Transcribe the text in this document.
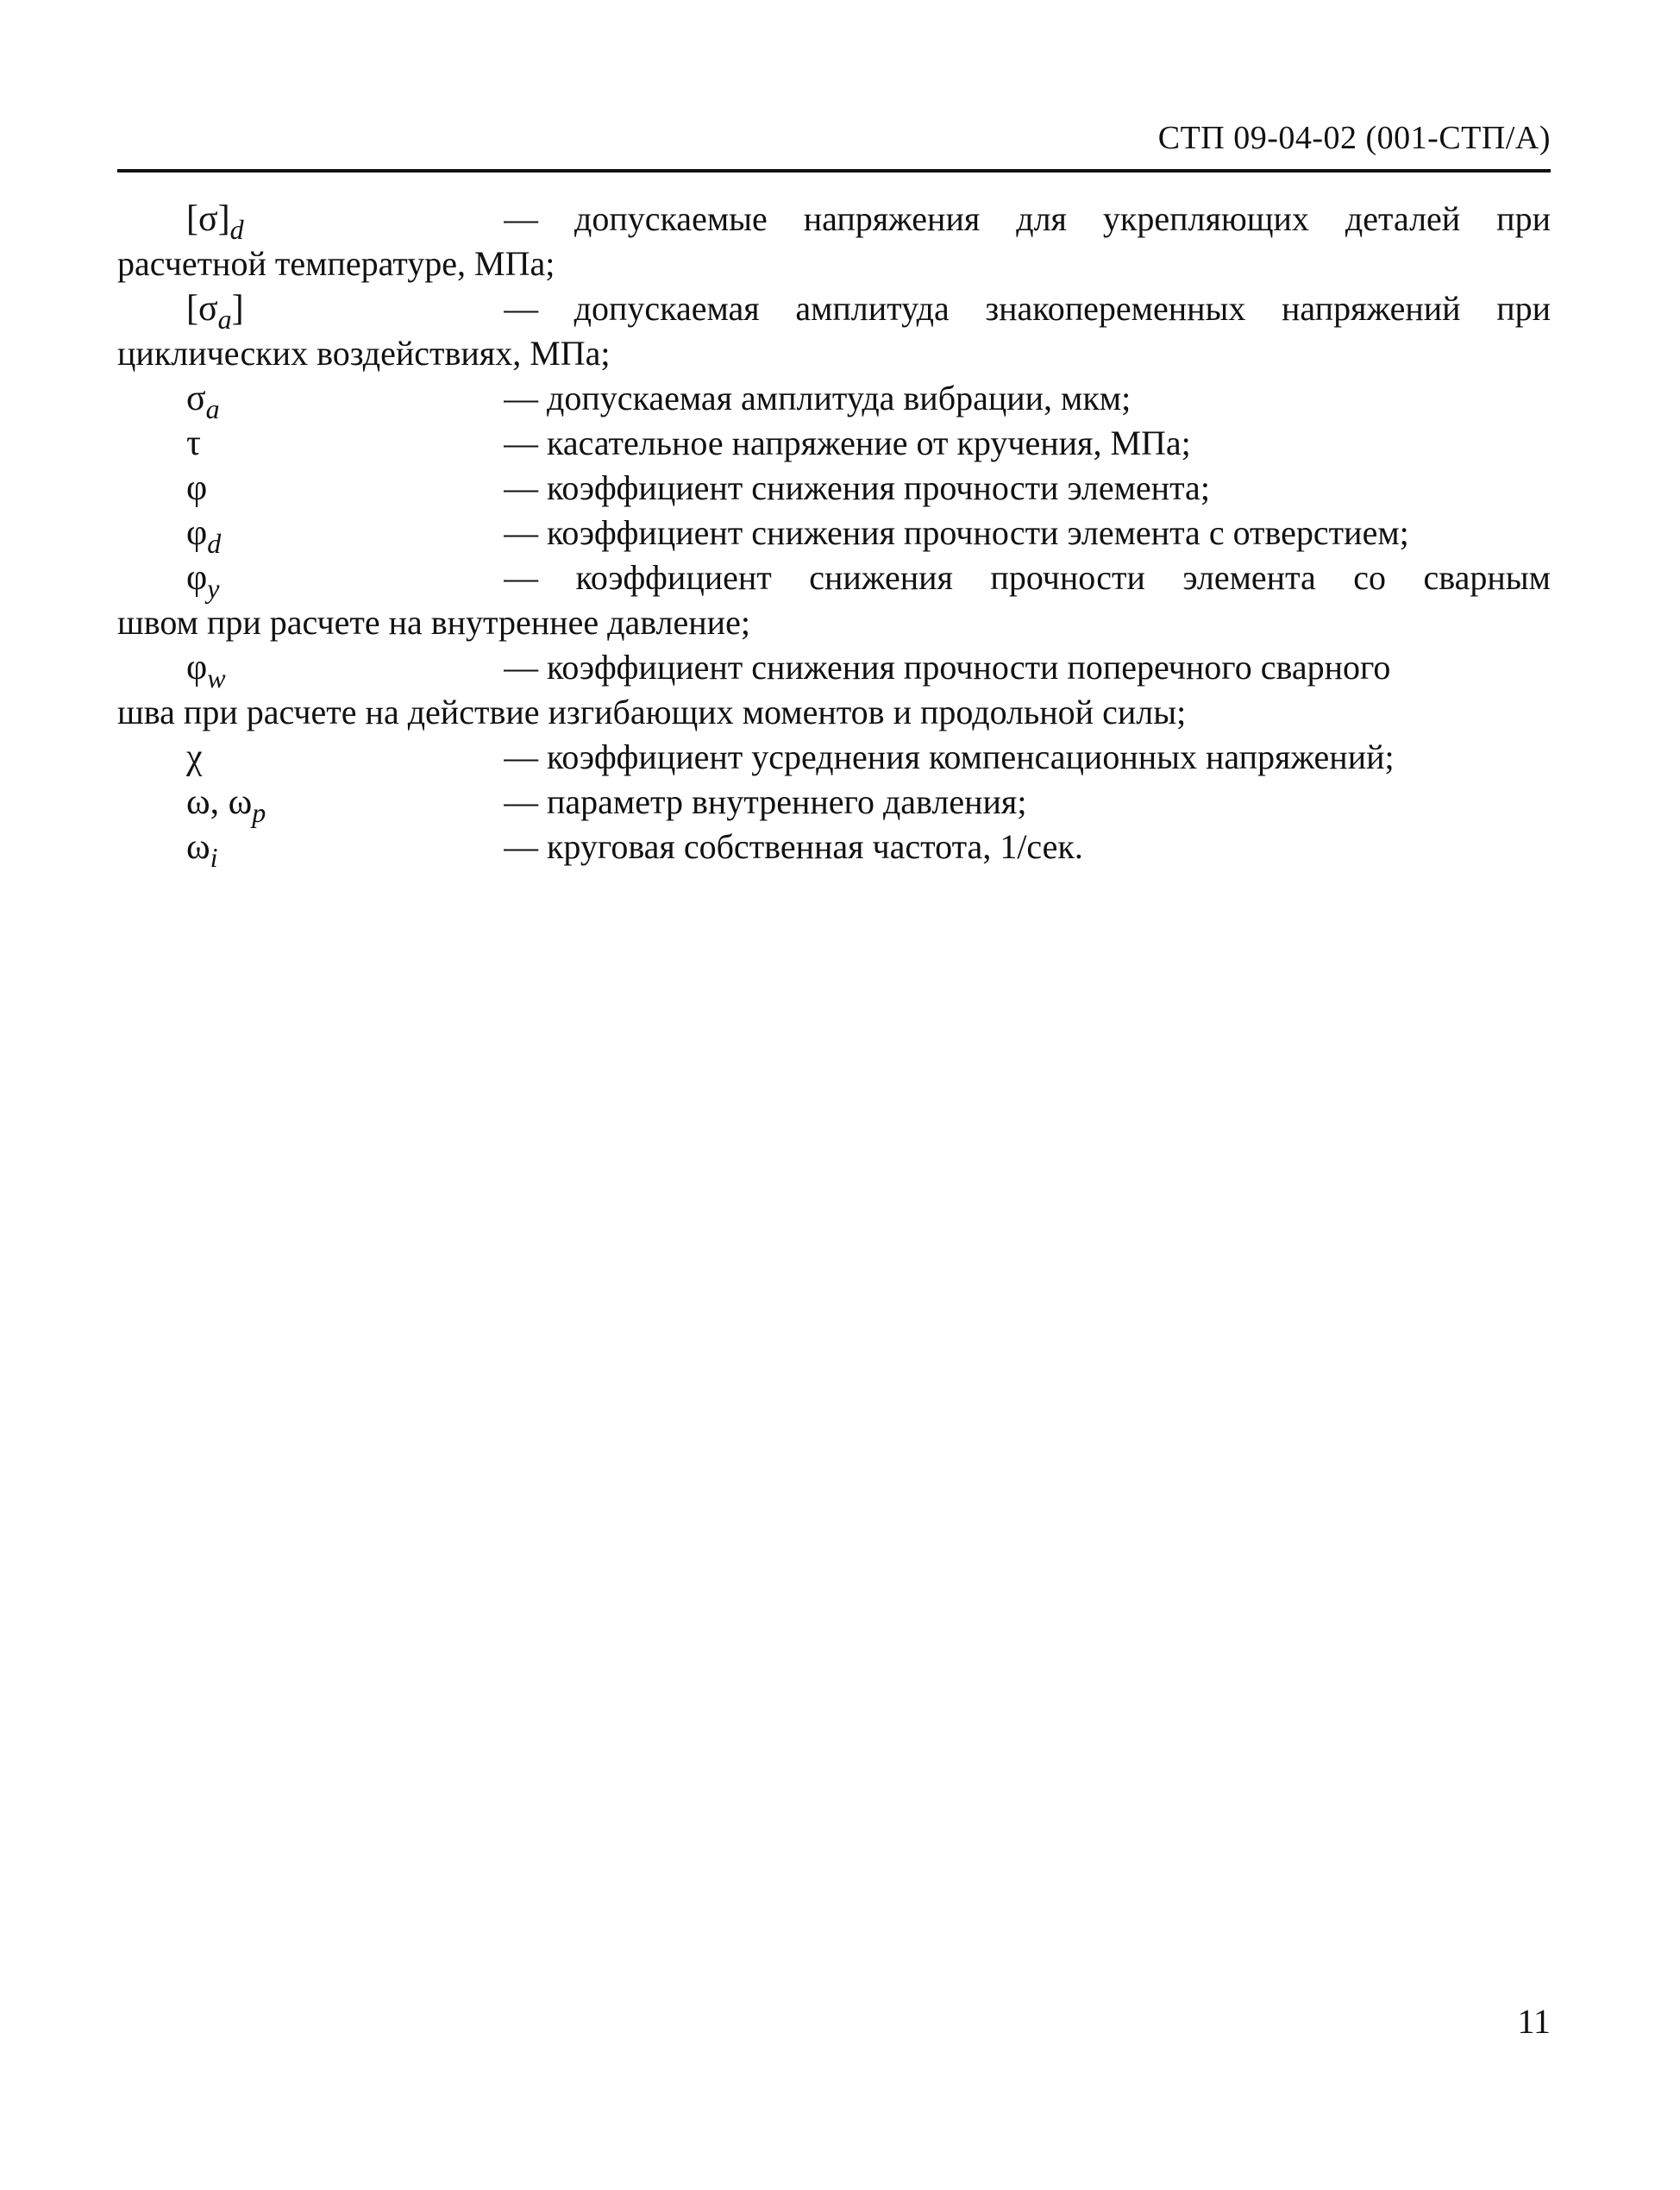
СТП 09-04-02 (001-СТП/А)
$[\sigma]_d$	— допускаемые напряжения для укрепляющих деталей при
расчетной температуре, МПа;
$[\sigma_a]$	— допускаемая амплитуда знакопеременных напряжений при
циклических воздействиях, МПа;
$\sigma_a$	— допускаемая амплитуда вибрации, мкм;
τ	— касательное напряжение от кручения, МПа;
φ	— коэффициент снижения прочности элемента;
$\varphi_d$	— коэффициент снижения прочности элемента с отверстием;
$\varphi_y$	— коэффициент снижения прочности элемента со сварным
швом при расчете на внутреннее давление;
$\varphi_w$	— коэффициент снижения прочности поперечного сварного
шва при расчете на действие изгибающих моментов и продольной силы;
χ	— коэффициент усреднения компенсационных напряжений;
ω, $\omega_p$	— параметр внутреннего давления;
$\omega_i$	— круговая собственная частота, 1/сек.
11
